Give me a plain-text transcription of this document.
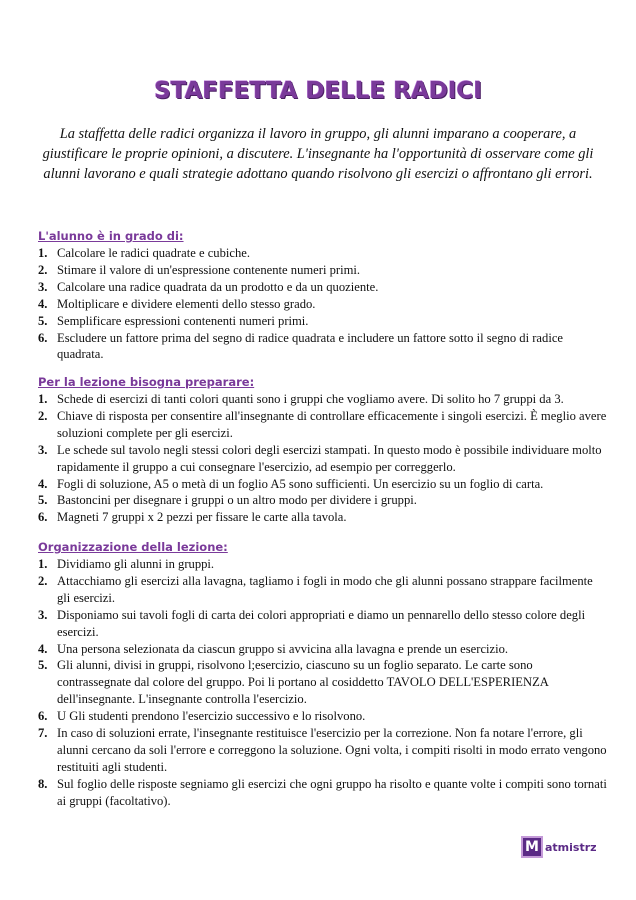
STAFFETTA DELLE RADICI
La staffetta delle radici organizza il lavoro in gruppo, gli alunni imparano a cooperare, a giustificare le proprie opinioni, a discutere. L'insegnante ha l'opportunità di osservare come gli alunni lavorano e quali strategie adottano quando risolvono gli esercizi o affrontano gli errori.
L'alunno è in grado di:
1. Calcolare le radici quadrate e cubiche.
2. Stimare il valore di un'espressione contenente numeri primi.
3. Calcolare una radice quadrata da un prodotto e da un quoziente.
4. Moltiplicare e dividere elementi dello stesso grado.
5. Semplificare espressioni contenenti numeri primi.
6. Escludere un fattore prima del segno di radice quadrata e includere un fattore sotto il segno di radice quadrata.
Per la lezione bisogna preparare:
1. Schede di esercizi di tanti colori quanti sono i gruppi che vogliamo avere. Di solito ho 7 gruppi da 3.
2. Chiave di risposta per consentire all'insegnante di controllare efficacemente i singoli esercizi. È meglio avere soluzioni complete per gli esercizi.
3. Le schede sul tavolo negli stessi colori degli esercizi stampati. In questo modo è possibile individuare molto rapidamente il gruppo a cui consegnare l'esercizio, ad esempio per correggerlo.
4. Fogli di soluzione, A5 o metà di un foglio A5 sono sufficienti. Un esercizio su un foglio di carta.
5. Bastoncini per disegnare i gruppi o un altro modo per dividere i gruppi.
6. Magneti 7 gruppi x 2 pezzi per fissare le carte alla tavola.
Organizzazione della lezione:
1. Dividiamo gli alunni in gruppi.
2. Attacchiamo gli esercizi alla lavagna, tagliamo i fogli in modo che gli alunni possano strappare facilmente gli esercizi.
3. Disponiamo sui tavoli fogli di carta dei colori appropriati e diamo un pennarello dello stesso colore degli esercizi.
4. Una persona selezionata da ciascun gruppo si avvicina alla lavagna e prende un esercizio.
5. Gli alunni, divisi in gruppi, risolvono l;esercizio, ciascuno su un foglio separato. Le carte sono contrassegnate dal colore del gruppo. Poi li portano al cosiddetto TAVOLO DELL'ESPERIENZA dell'insegnante. L'insegnante controlla l'esercizio.
6. U Gli studenti prendono l'esercizio successivo e lo risolvono.
7. In caso di soluzioni errate, l'insegnante restituisce l'esercizio per la correzione. Non fa notare l'errore, gli alunni cercano da soli l'errore e correggono la soluzione. Ogni volta, i compiti risolti in modo errato vengono restituiti agli studenti.
8. Sul foglio delle risposte segniamo gli esercizi che ogni gruppo ha risolto e quante volte i compiti sono tornati ai gruppi (facoltativo).
M atmistrz
